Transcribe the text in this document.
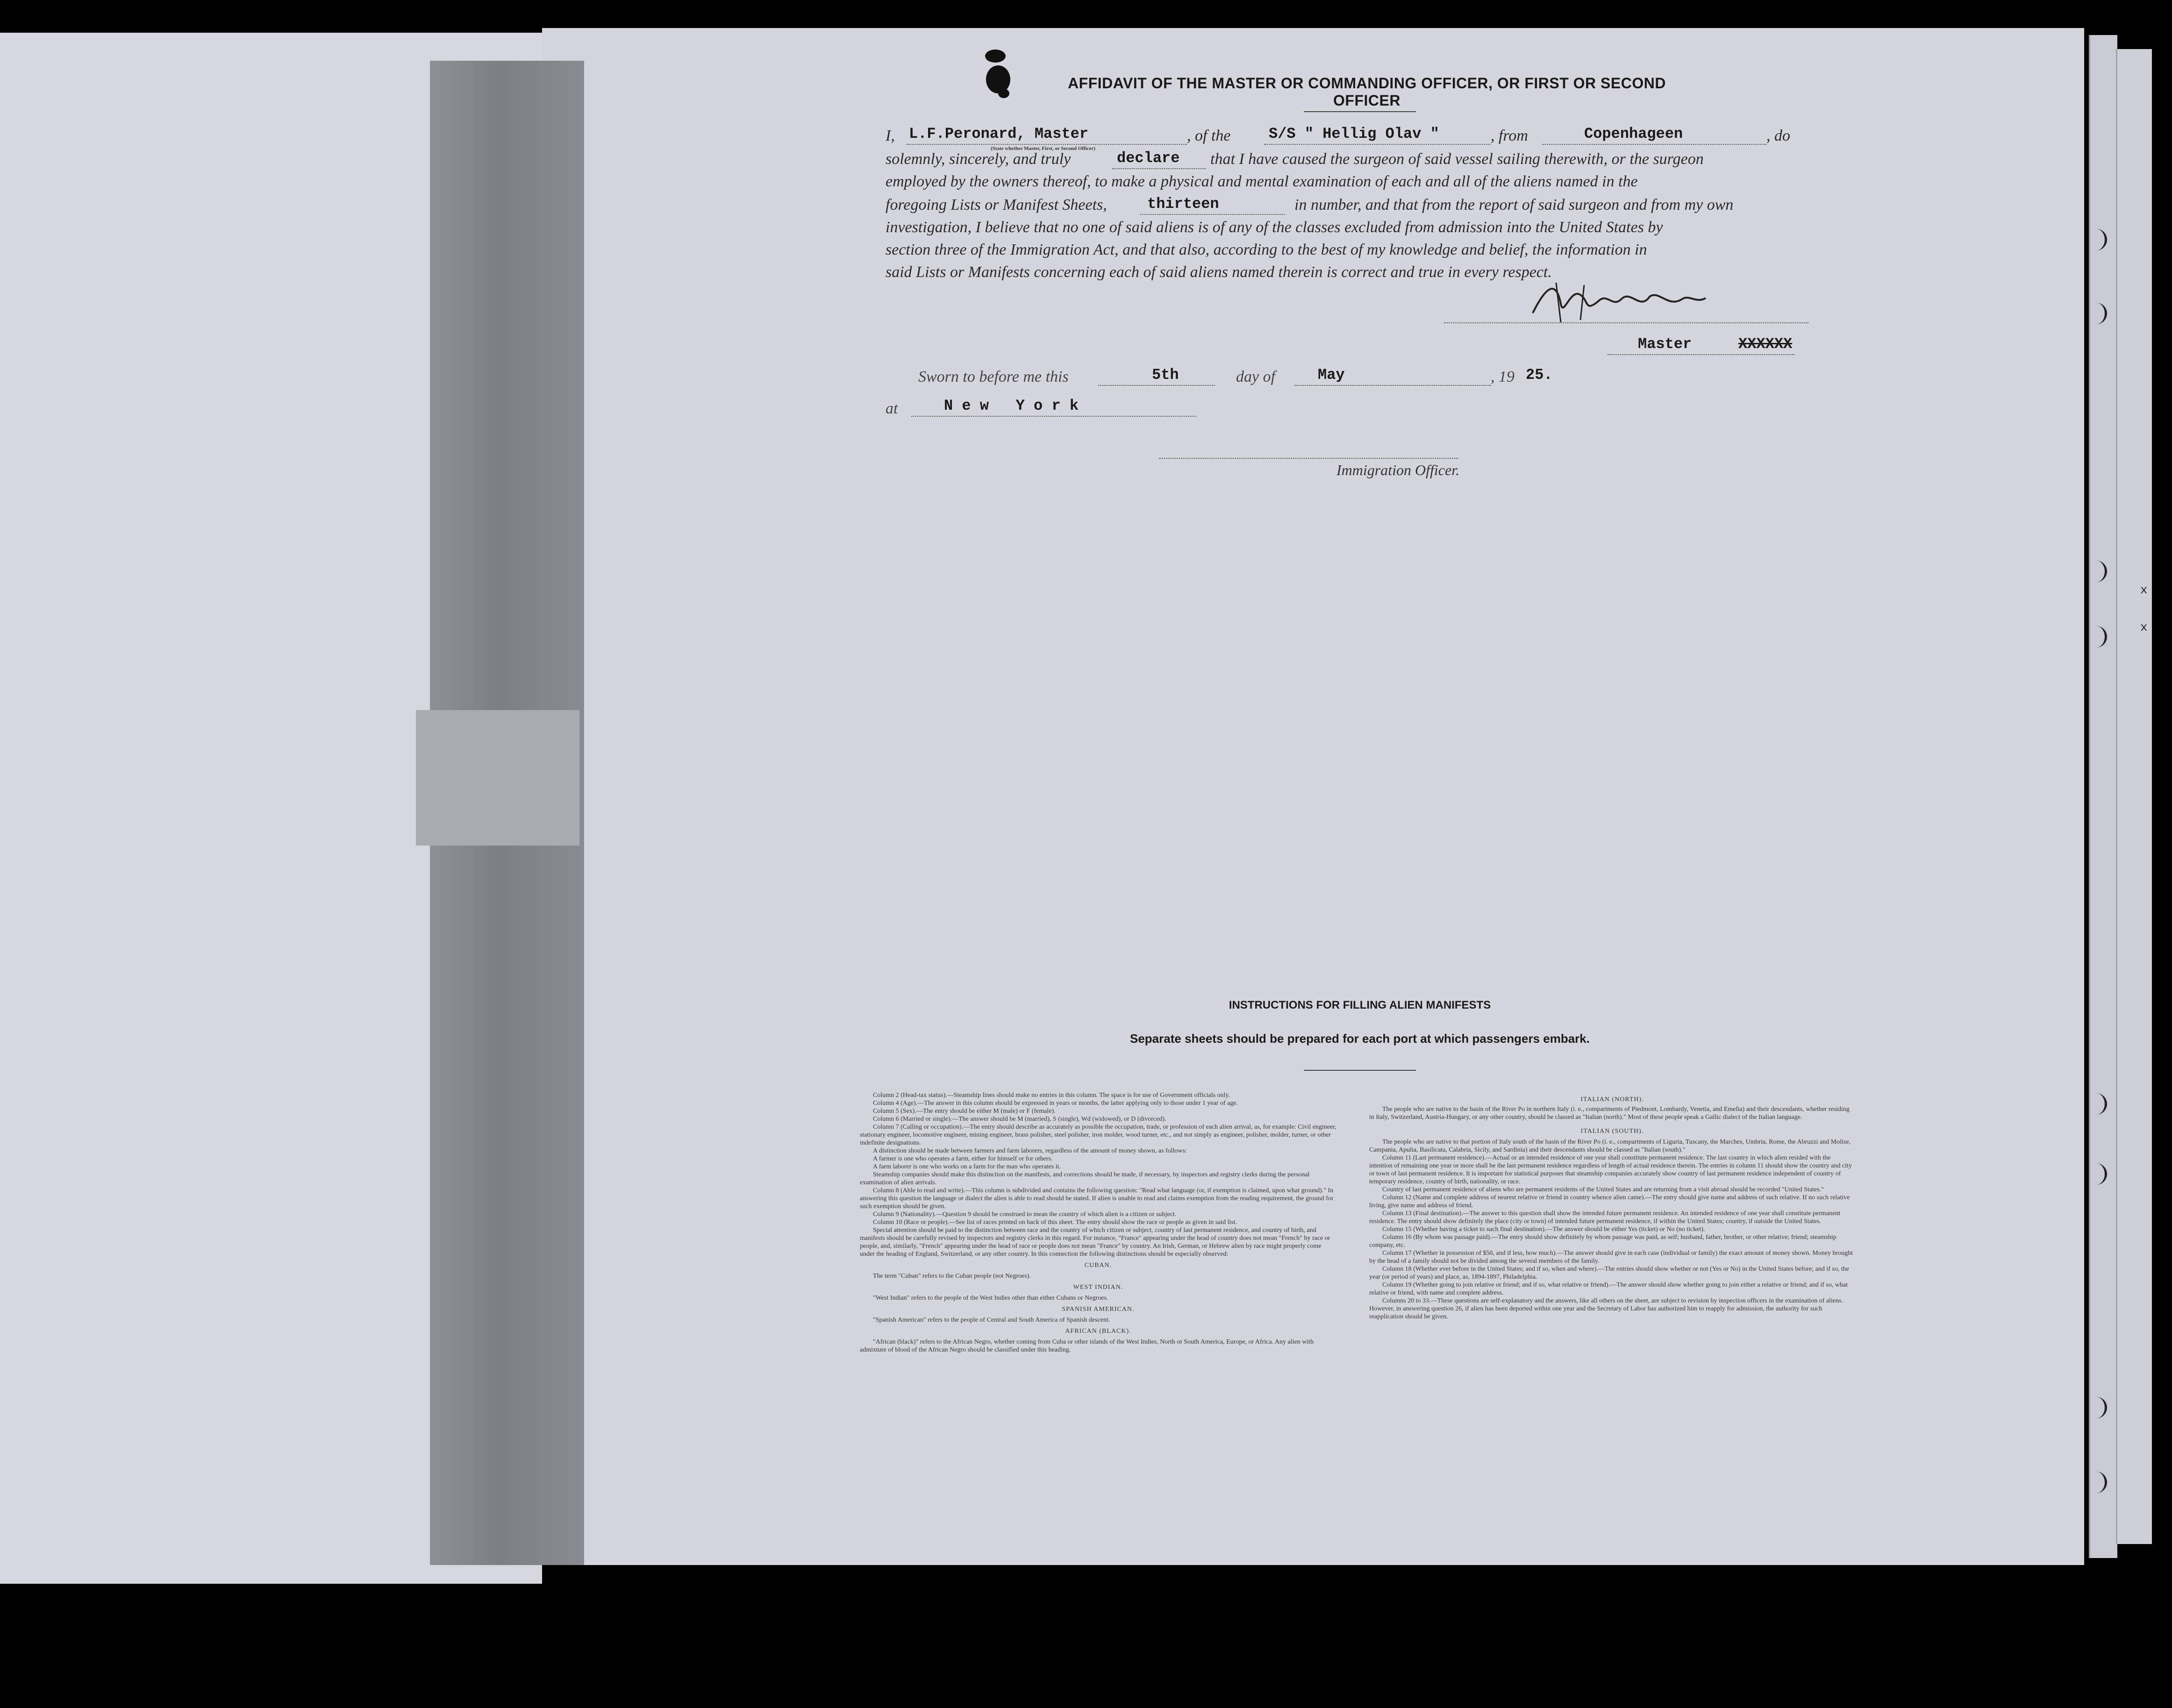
AFFIDAVIT OF THE MASTER OR COMMANDING OFFICER, OR FIRST OR SECOND OFFICER
I, L.F.Peronard, Master	, of the	S/S " Hellig Olav "	, from	Copenhageen	, do
(State whether Master, First, or Second Officer)
solemnly, sincerely, and truly	declare that I have caused the surgeon of said vessel sailing therewith, or the surgeon
employed by the owners thereof, to make a physical and mental examination of each and all of the aliens named in the
foregoing Lists or Manifest Sheets,	thirteen	in number, and that from the report of said surgeon and from my own
investigation, I believe that no one of said aliens is of any of the classes excluded from admission into the United States by
section three of the Immigration Act, and that also, according to the best of my knowledge and belief, the information in
said Lists or Manifests concerning each of said aliens named therein is correct and true in every respect.
Master	XXXXXX
Sworn to before me this	5th	day of	May	, 19 25.
at	N e w   Y o r k
Immigration Officer.
INSTRUCTIONS FOR FILLING ALIEN MANIFESTS
Separate sheets should be prepared for each port at which passengers embark.
Column 2 (Head-tax status).—Steamship lines should make no entries in this column. The space is for use of Government officials only.
Column 4 (Age).—The answer in this column should be expressed in years or months, the latter applying only to those under 1 year of age.
Column 5 (Sex).—The entry should be either M (male) or F (female).
Column 6 (Married or single).—The answer should be M (married), S (single), Wd (widowed), or D (divorced).
Column 7 (Calling or occupation).—The entry should describe as accurately as possible the occupation, trade, or profession of each alien arrival, as, for example: Civil engineer, stationary engineer, locomotive engineer, mining engineer, brass polisher, steel polisher, iron molder, wood turner, etc., and not simply as engineer, polisher, molder, turner, or other indefinite designations.
A distinction should be made between farmers and farm laborers, regardless of the amount of money shown, as follows:
A farmer is one who operates a farm, either for himself or for others.
A farm laborer is one who works on a farm for the man who operates it.
Steamship companies should make this distinction on the manifests, and corrections should be made, if necessary, by inspectors and registry clerks during the personal examination of alien arrivals.
Column 8 (Able to read and write).—This column is subdivided and contains the following question: "Read what language (or, if exemption is claimed, upon what ground)." In answering this question the language or dialect the alien is able to read should be stated. If alien is unable to read and claims exemption from the reading requirement, the ground for such exemption should be given.
Column 9 (Nationality).—Question 9 should be construed to mean the country of which alien is a citizen or subject.
Column 10 (Race or people).—See list of races printed on back of this sheet. The entry should show the race or people as given in said list.
Special attention should be paid to the distinction between race and the country of which citizen or subject, country of last permanent residence, and country of birth, and manifests should be carefully revised by inspectors and registry clerks in this regard. For instance, "France" appearing under the head of country does not mean "French" by race or people, and, similarly, "French" appearing under the head of race or people does not mean "France" by country. An Irish, German, or Hebrew alien by race might properly come under the heading of England, Switzerland, or any other country. In this connection the following distinctions should be especially observed:
CUBAN.
The term "Cuban" refers to the Cuban people (not Negroes).
WEST INDIAN.
"West Indian" refers to the people of the West Indies other than either Cubans or Negroes.
SPANISH AMERICAN.
"Spanish American" refers to the people of Central and South America of Spanish descent.
AFRICAN (BLACK).
"African (black)" refers to the African Negro, whether coming from Cuba or other islands of the West Indies, North or South America, Europe, or Africa. Any alien with admixture of blood of the African Negro should be classified under this heading.
ITALIAN (NORTH).
The people who are native to the basin of the River Po in northern Italy (i. e., compartments of Piedmont, Lombardy, Venetia, and Emelia) and their descendants, whether residing in Italy, Switzerland, Austria-Hungary, or any other country, should be classed as "Italian (north)." Most of these people speak a Gallic dialect of the Italian language.
ITALIAN (SOUTH).
The people who are native to that portion of Italy south of the basin of the River Po (i. e., compartments of Liguria, Tuscany, the Marches, Umbria, Rome, the Abruzzi and Molise, Campania, Apulia, Basilicata, Calabria, Sicily, and Sardinia) and their descendants should be classed as "Italian (south)."
Column 11 (Last permanent residence).—Actual or an intended residence of one year shall constitute permanent residence. The last country in which alien resided with the intention of remaining one year or more shall be the last permanent residence regardless of length of actual residence therein. The entries in column 11 should show the country and city or town of last permanent residence. It is important for statistical purposes that steamship companies accurately show country of last permanent residence independent of country of temporary residence, country of birth, nationality, or race.
Country of last permanent residence of aliens who are permanent residents of the United States and are returning from a visit abroad should be recorded "United States."
Column 12 (Name and complete address of nearest relative or friend in country whence alien came).—The entry should give name and address of such relative. If no such relative living, give name and address of friend.
Column 13 (Final destination).—The answer to this question shall show the intended future permanent residence. An intended residence of one year shall constitute permanent residence. The entry should show definitely the place (city or town) of intended future permanent residence, if within the United States; country, if outside the United States.
Column 15 (Whether having a ticket to such final destination).—The answer should be either Yes (ticket) or No (no ticket).
Column 16 (By whom was passage paid).—The entry should show definitely by whom passage was paid, as self; husband, father, brother, or other relative; friend; steamship company, etc.
Column 17 (Whether in possession of $50, and if less, how much).—The answer should give in each case (individual or family) the exact amount of money shown. Money brought by the head of a family should not be divided among the several members of the family.
Column 18 (Whether ever before in the United States; and if so, when and where).—The entries should show whether or not (Yes or No) in the United States before; and if so, the year (or period of years) and place, as, 1894-1897, Philadelphia.
Column 19 (Whether going to join relative or friend; and if so, what relative or friend).—The answer should show whether going to join either a relative or friend; and if so, what relative or friend, with name and complete address.
Columns 20 to 33.—These questions are self-explanatory and the answers, like all others on the sheet, are subject to revision by inspection officers in the examination of aliens. However, in answering question 26, if alien has been deported within one year and the Secretary of Labor has authorized him to reapply for admission, the authority for such reapplication should be given.
x
x
